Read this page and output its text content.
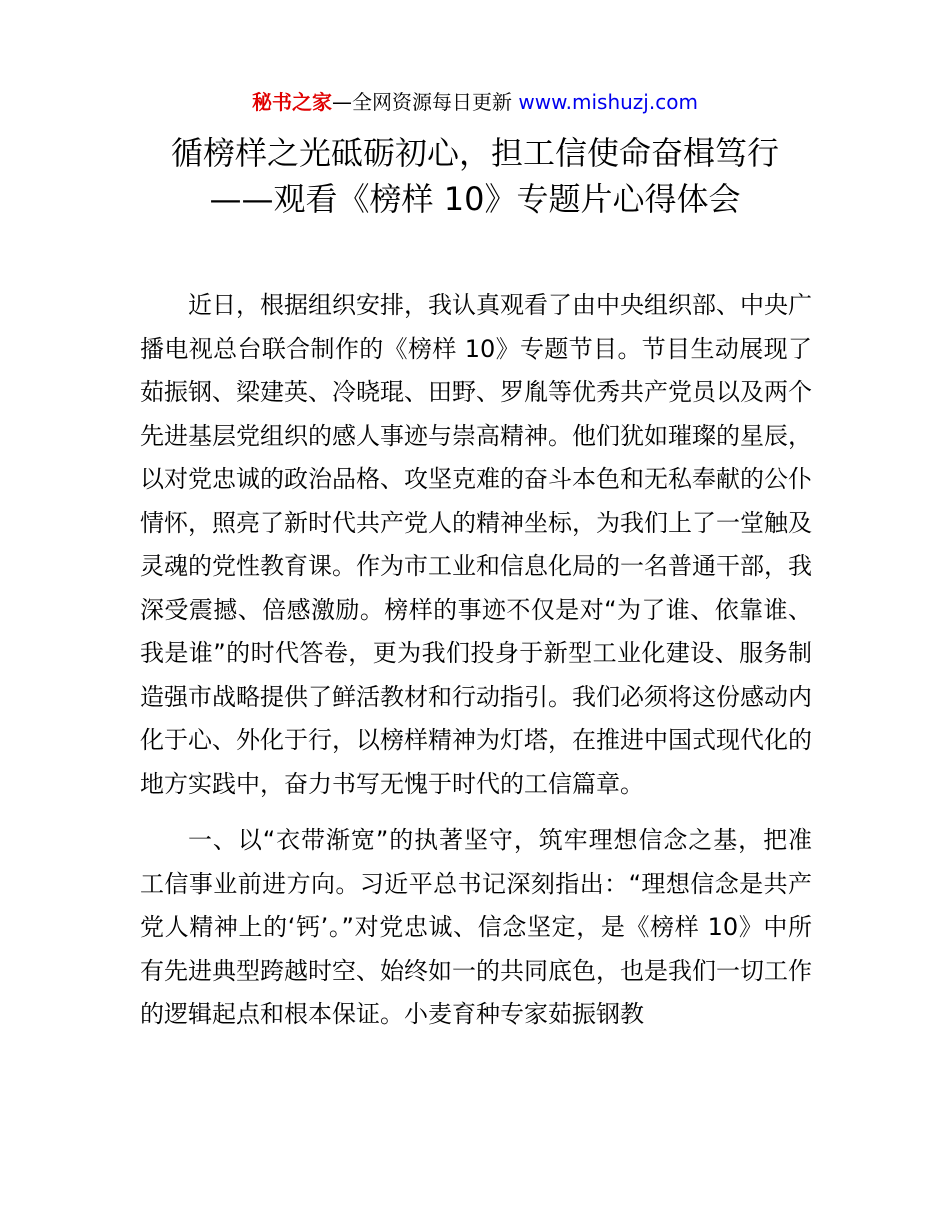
秘书之家—全网资源每日更新 www.mishuzj.com
循榜样之光砥砺初心，担工信使命奋楫笃行
——观看《榜样 10》专题片心得体会

近日，根据组织安排，我认真观看了由中央组织部、中央广播电视总台联合制作的《榜样 10》专题节目。节目生动展现了茹振钢、梁建英、冷晓琨、田野、罗胤等优秀共产党员以及两个先进基层党组织的感人事迹与崇高精神。他们犹如璀璨的星辰，以对党忠诚的政治品格、攻坚克难的奋斗本色和无私奉献的公仆情怀，照亮了新时代共产党人的精神坐标，为我们上了一堂触及灵魂的党性教育课。作为市工业和信息化局的一名普通干部，我深受震撼、倍感激励。榜样的事迹不仅是对“为了谁、依靠谁、我是谁”的时代答卷，更为我们投身于新型工业化建设、服务制造强市战略提供了鲜活教材和行动指引。我们必须将这份感动内化于心、外化于行，以榜样精神为灯塔，在推进中国式现代化的地方实践中，奋力书写无愧于时代的工信篇章。

一、以“衣带渐宽”的执著坚守，筑牢理想信念之基，把准工信事业前进方向。习近平总书记深刻指出：“理想信念是共产党人精神上的‘钙’。”对党忠诚、信念坚定，是《榜样 10》中所有先进典型跨越时空、始终如一的共同底色，也是我们一切工作的逻辑起点和根本保证。小麦育种专家茹振钢教
